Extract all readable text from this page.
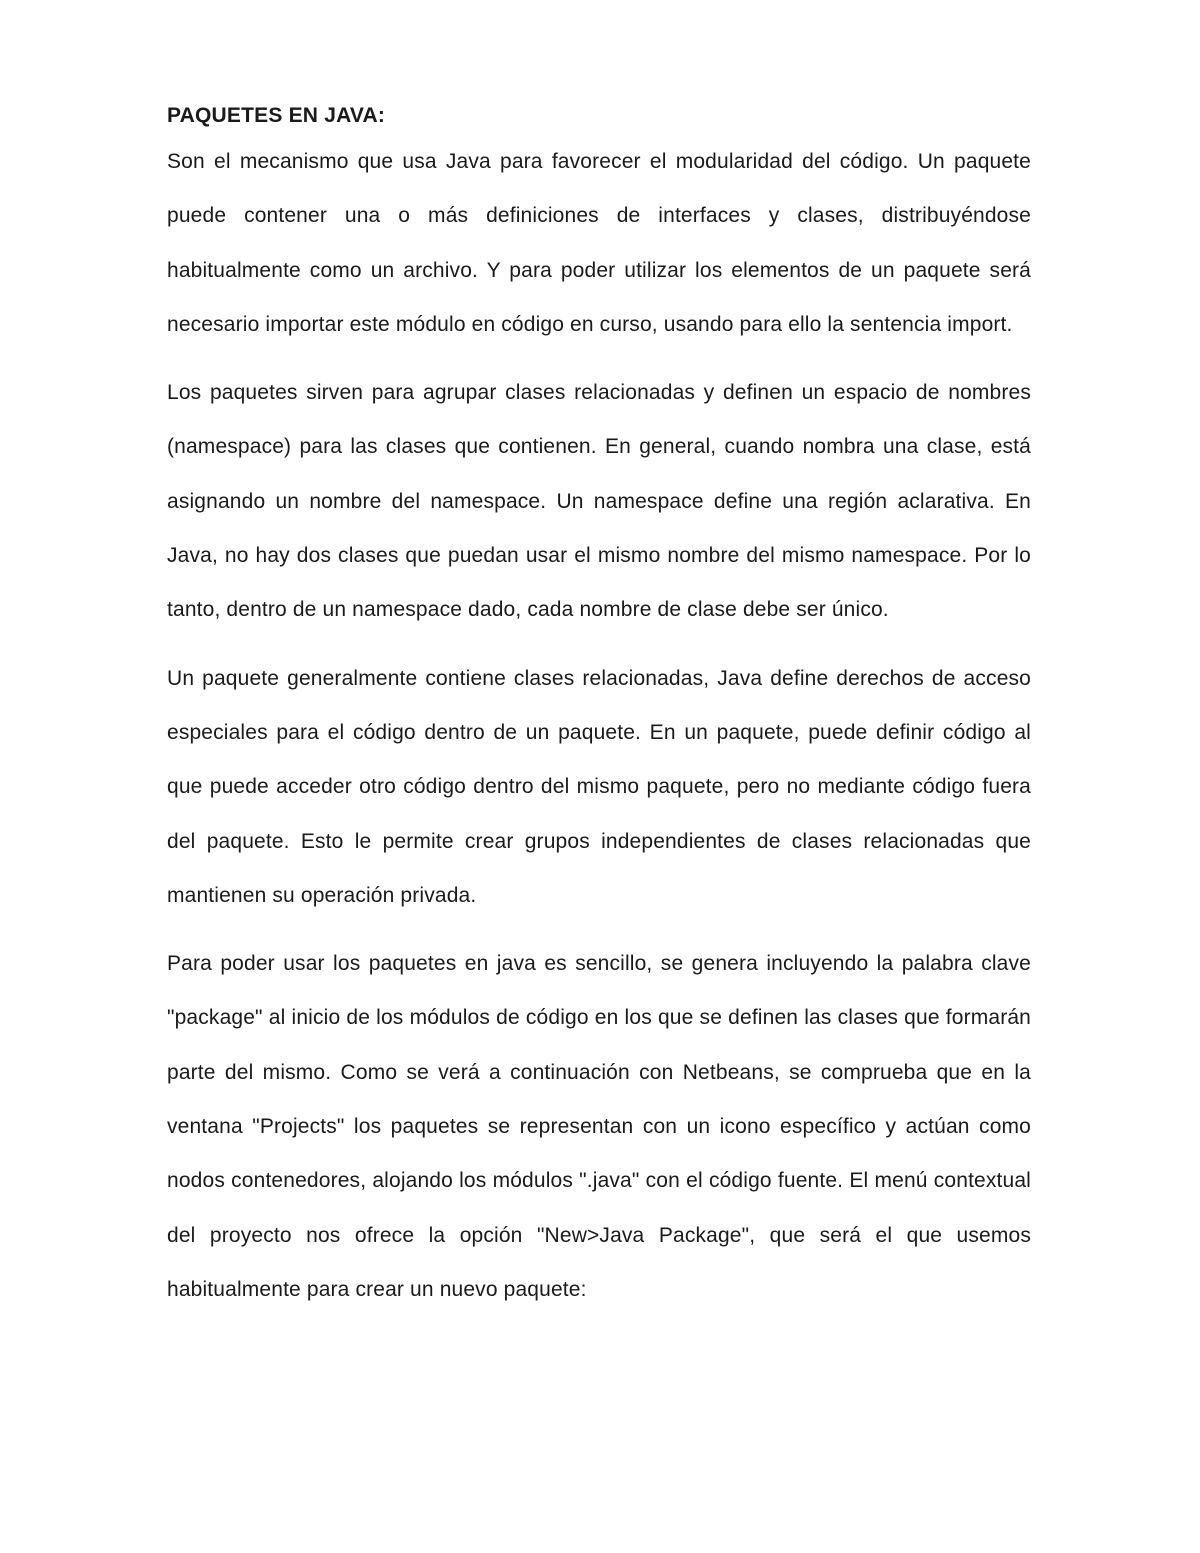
PAQUETES EN JAVA:

Son el mecanismo que usa Java para favorecer el modularidad del código. Un paquete puede contener una o más definiciones de interfaces y clases, distribuyéndose habitualmente como un archivo. Y para poder utilizar los elementos de un paquete será necesario importar este módulo en código en curso, usando para ello la sentencia import.

Los paquetes sirven para agrupar clases relacionadas y definen un espacio de nombres (namespace) para las clases que contienen. En general, cuando nombra una clase, está asignando un nombre del namespace. Un namespace define una región aclarativa. En Java, no hay dos clases que puedan usar el mismo nombre del mismo namespace. Por lo tanto, dentro de un namespace dado, cada nombre de clase debe ser único.

Un paquete generalmente contiene clases relacionadas, Java define derechos de acceso especiales para el código dentro de un paquete. En un paquete, puede definir código al que puede acceder otro código dentro del mismo paquete, pero no mediante código fuera del paquete. Esto le permite crear grupos independientes de clases relacionadas que mantienen su operación privada.

Para poder usar los paquetes en java es sencillo, se genera incluyendo la palabra clave "package" al inicio de los módulos de código en los que se definen las clases que formarán parte del mismo. Como se verá a continuación con Netbeans, se comprueba que en la ventana "Projects" los paquetes se representan con un icono específico y actúan como nodos contenedores, alojando los módulos ".java" con el código fuente. El menú contextual del proyecto nos ofrece la opción "New>Java Package", que será el que usemos habitualmente para crear un nuevo paquete:
